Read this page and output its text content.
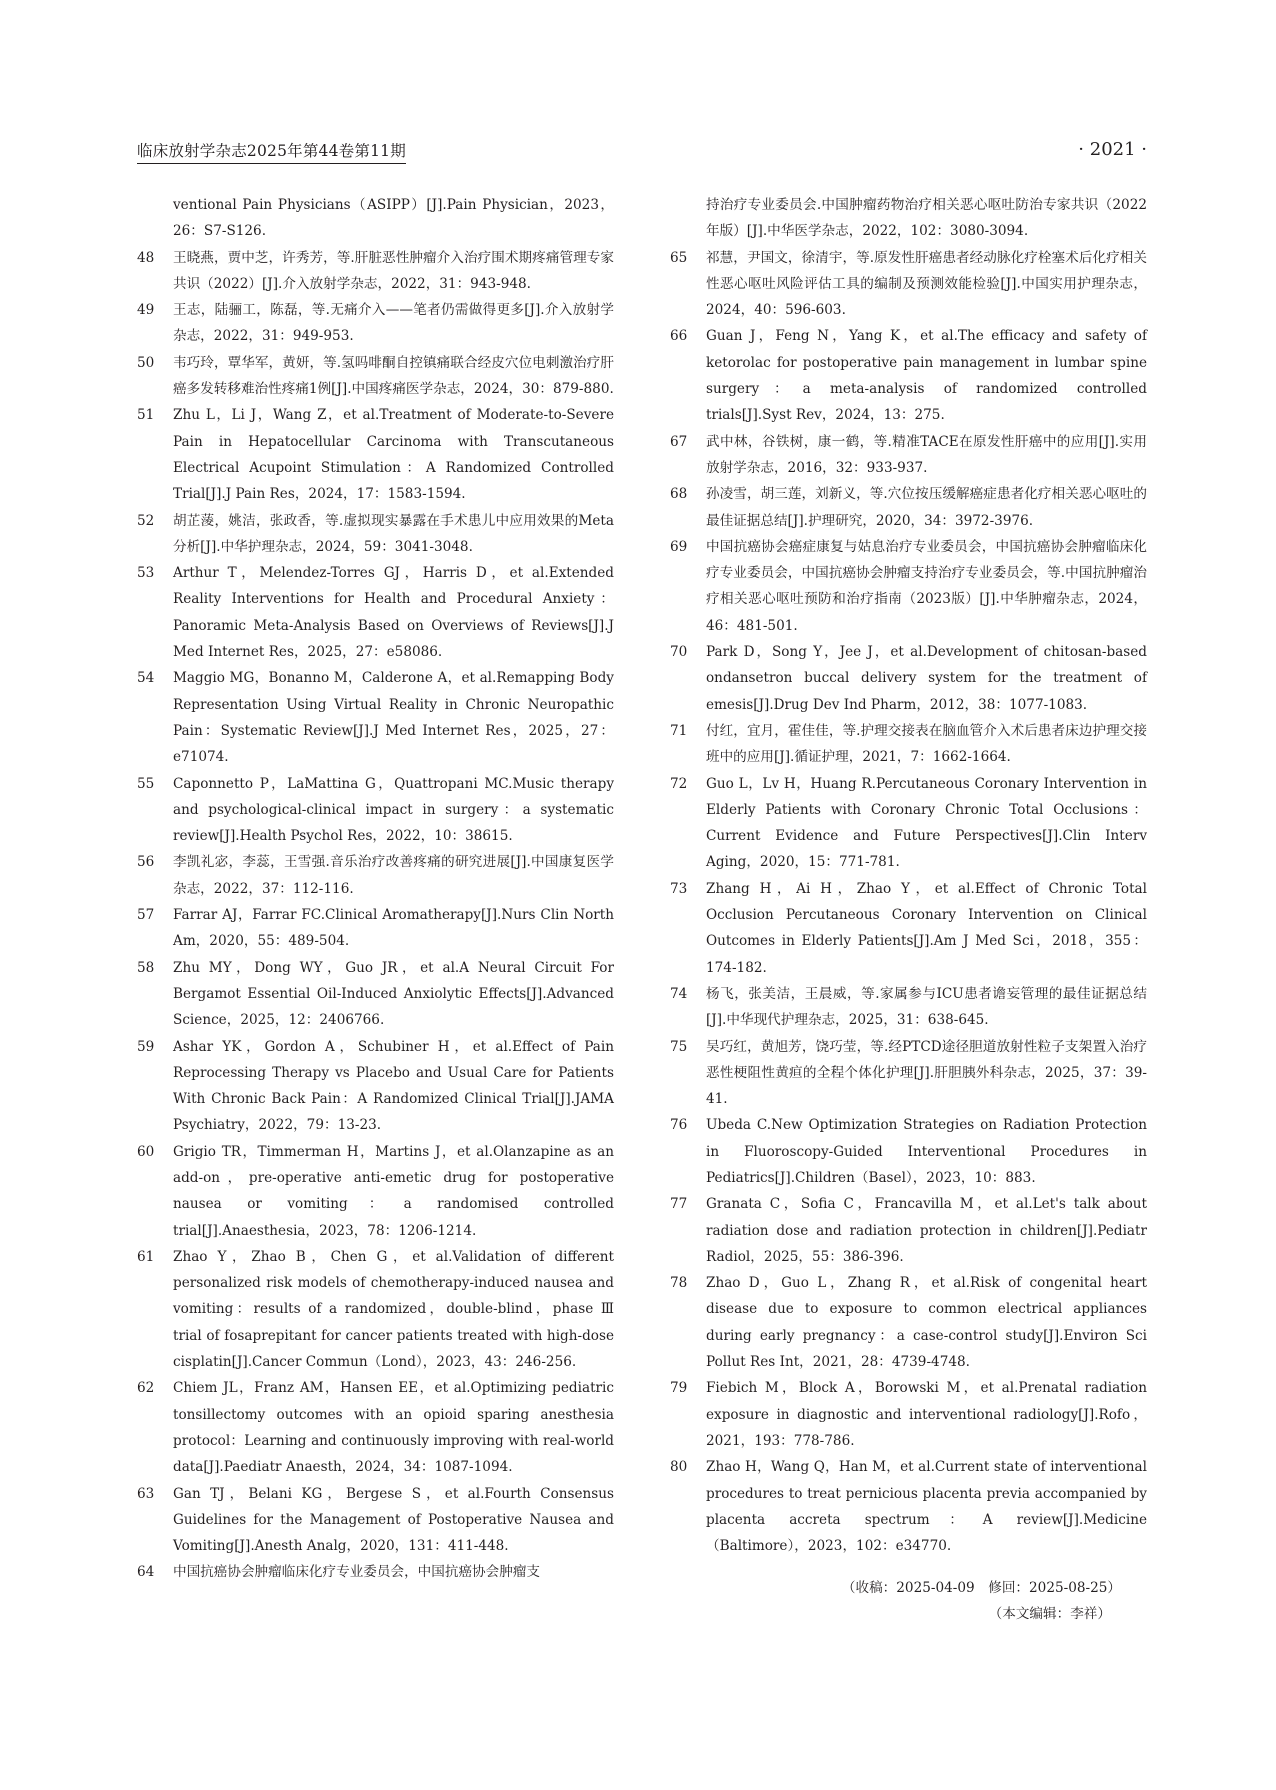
临床放射学杂志2025年第44卷第11期	· 2021 ·
ventional Pain Physicians（ASIPP）[J].Pain Physician，2023，26：S7-S126.
48	王晓燕，贾中芝，许秀芳，等.肝脏恶性肿瘤介入治疗围术期疼痛管理专家共识（2022）[J].介入放射学杂志，2022，31：943-948.
49	王志，陆骊工，陈磊，等.无痛介入——笔者仍需做得更多[J].介入放射学杂志，2022，31：949-953.
50	韦巧玲，覃华军，黄妍，等.氢吗啡酮自控镇痛联合经皮穴位电刺激治疗肝癌多发转移难治性疼痛1例[J].中国疼痛医学杂志，2024，30：879-880.
51	Zhu L，Li J，Wang Z，et al.Treatment of Moderate-to-Severe Pain in Hepatocellular Carcinoma with Transcutaneous Electrical Acupoint Stimulation：A Randomized Controlled Trial[J].J Pain Res，2024，17：1583-1594.
52	胡芷蔆，姚洁，张政香，等.虚拟现实暴露在手术患儿中应用效果的Meta分析[J].中华护理杂志，2024，59：3041-3048.
53	Arthur T，Melendez-Torres GJ，Harris D，et al.Extended Reality Interventions for Health and Procedural Anxiety：Panoramic Meta-Analysis Based on Overviews of Reviews[J].J Med Internet Res，2025，27：e58086.
54	Maggio MG，Bonanno M，Calderone A，et al.Remapping Body Representation Using Virtual Reality in Chronic Neuropathic Pain：Systematic Review[J].J Med Internet Res，2025，27：e71074.
55	Caponnetto P，LaMattina G，Quattropani MC.Music therapy and psychological-clinical impact in surgery：a systematic review[J].Health Psychol Res，2022，10：38615.
56	李凯礼宓，李蕊，王雪强.音乐治疗改善疼痛的研究进展[J].中国康复医学杂志，2022，37：112-116.
57	Farrar AJ，Farrar FC.Clinical Aromatherapy[J].Nurs Clin North Am，2020，55：489-504.
58	Zhu MY，Dong WY，Guo JR，et al.A Neural Circuit For Bergamot Essential Oil-Induced Anxiolytic Effects[J].Advanced Science，2025，12：2406766.
59	Ashar YK，Gordon A，Schubiner H，et al.Effect of Pain Reprocessing Therapy vs Placebo and Usual Care for Patients With Chronic Back Pain：A Randomized Clinical Trial[J].JAMA Psychiatry，2022，79：13-23.
60	Grigio TR，Timmerman H，Martins J，et al.Olanzapine as an add-on，pre-operative anti-emetic drug for postoperative nausea or vomiting：a randomised controlled trial[J].Anaesthesia，2023，78：1206-1214.
61	Zhao Y，Zhao B，Chen G，et al.Validation of different personalized risk models of chemotherapy-induced nausea and vomiting：results of a randomized，double-blind，phase Ⅲ trial of fosaprepitant for cancer patients treated with high-dose cisplatin[J].Cancer Commun（Lond），2023，43：246-256.
62	Chiem JL，Franz AM，Hansen EE，et al.Optimizing pediatric tonsillectomy outcomes with an opioid sparing anesthesia protocol：Learning and continuously improving with real-world data[J].Paediatr Anaesth，2024，34：1087-1094.
63	Gan TJ，Belani KG，Bergese S，et al.Fourth Consensus Guidelines for the Management of Postoperative Nausea and Vomiting[J].Anesth Analg，2020，131：411-448.
64	中国抗癌协会肿瘤临床化疗专业委员会，中国抗癌协会肿瘤支
持治疗专业委员会.中国肿瘤药物治疗相关恶心呕吐防治专家共识（2022年版）[J].中华医学杂志，2022，102：3080-3094.
65	祁慧，尹国文，徐清宇，等.原发性肝癌患者经动脉化疗栓塞术后化疗相关性恶心呕吐风险评估工具的编制及预测效能检验[J].中国实用护理杂志，2024，40：596-603.
66	Guan J，Feng N，Yang K，et al.The efficacy and safety of ketorolac for postoperative pain management in lumbar spine surgery：a meta-analysis of randomized controlled trials[J].Syst Rev，2024，13：275.
67	武中林，谷铁树，康一鹤，等.精准TACE在原发性肝癌中的应用[J].实用放射学杂志，2016，32：933-937.
68	孙凌雪，胡三莲，刘新义，等.穴位按压缓解癌症患者化疗相关恶心呕吐的最佳证据总结[J].护理研究，2020，34：3972-3976.
69	中国抗癌协会癌症康复与姑息治疗专业委员会，中国抗癌协会肿瘤临床化疗专业委员会，中国抗癌协会肿瘤支持治疗专业委员会，等.中国抗肿瘤治疗相关恶心呕吐预防和治疗指南（2023版）[J].中华肿瘤杂志，2024，46：481-501.
70	Park D，Song Y，Jee J，et al.Development of chitosan-based ondansetron buccal delivery system for the treatment of emesis[J].Drug Dev Ind Pharm，2012，38：1077-1083.
71	付红，宜月，霍佳佳，等.护理交接表在脑血管介入术后患者床边护理交接班中的应用[J].循证护理，2021，7：1662-1664.
72	Guo L，Lv H，Huang R.Percutaneous Coronary Intervention in Elderly Patients with Coronary Chronic Total Occlusions：Current Evidence and Future Perspectives[J].Clin Interv Aging，2020，15：771-781.
73	Zhang H，Ai H，Zhao Y，et al.Effect of Chronic Total Occlusion Percutaneous Coronary Intervention on Clinical Outcomes in Elderly Patients[J].Am J Med Sci，2018，355：174-182.
74	杨飞，张美洁，王晨威，等.家属参与ICU患者谵妄管理的最佳证据总结[J].中华现代护理杂志，2025，31：638-645.
75	吴巧红，黄旭芳，饶巧莹，等.经PTCD途径胆道放射性粒子支架置入治疗恶性梗阻性黄疸的全程个体化护理[J].肝胆胰外科杂志，2025，37：39-41.
76	Ubeda C.New Optimization Strategies on Radiation Protection in Fluoroscopy-Guided Interventional Procedures in Pediatrics[J].Children（Basel），2023，10：883.
77	Granata C，Sofia C，Francavilla M，et al.Let's talk about radiation dose and radiation protection in children[J].Pediatr Radiol，2025，55：386-396.
78	Zhao D，Guo L，Zhang R，et al.Risk of congenital heart disease due to exposure to common electrical appliances during early pregnancy：a case-control study[J].Environ Sci Pollut Res Int，2021，28：4739-4748.
79	Fiebich M，Block A，Borowski M，et al.Prenatal radiation exposure in diagnostic and interventional radiology[J].Rofo，2021，193：778-786.
80	Zhao H，Wang Q，Han M，et al.Current state of interventional procedures to treat pernicious placenta previa accompanied by placenta accreta spectrum：A review[J].Medicine（Baltimore），2023，102：e34770.
（收稿：2025-04-09　修回：2025-08-25）
（本文编辑：李祥）
